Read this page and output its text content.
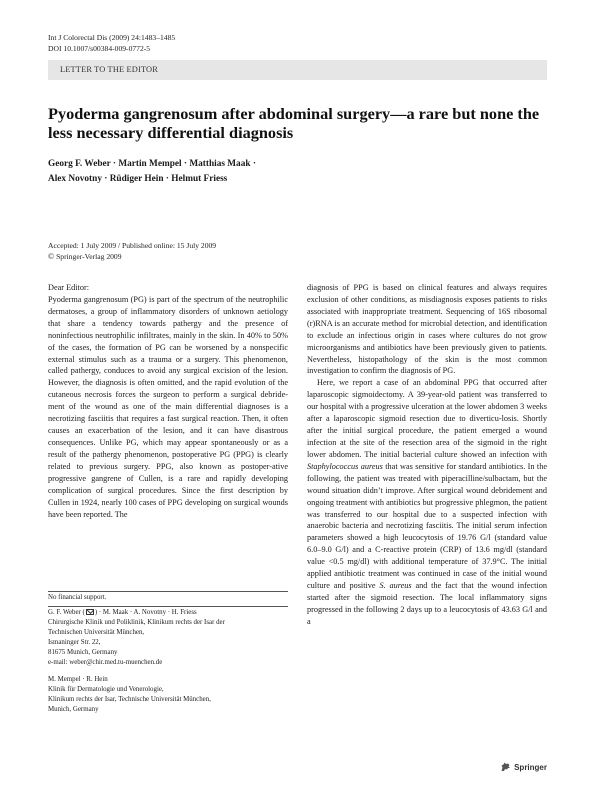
Int J Colorectal Dis (2009) 24:1483–1485
DOI 10.1007/s00384-009-0772-5
LETTER TO THE EDITOR
Pyoderma gangrenosum after abdominal surgery—a rare but none the less necessary differential diagnosis
Georg F. Weber · Martin Mempel · Matthias Maak ·
Alex Novotny · Rüdiger Hein · Helmut Friess
Accepted: 1 July 2009 / Published online: 15 July 2009
© Springer-Verlag 2009

Dear Editor:

Pyoderma gangrenosum (PG) is part of the spectrum of the neutrophilic dermatoses, a group of inflammatory disorders of unknown aetiology that share a tendency towards pathergy and the presence of noninfectious neutrophilic infiltrates, mainly in the skin. In 40% to 50% of the cases, the formation of PG can be worsened by a nonspecific external stimulus such as a trauma or a surgery. This phenomenon, called pathergy, conduces to avoid any surgical excision of the lesion. However, the diagnosis is often omitted, and the rapid evolution of the cutaneous necrosis forces the surgeon to perform a surgical debride-ment of the wound as one of the main differential diagnoses is a necrotizing fasciitis that requires a fast surgical reaction. Then, it often causes an exacerbation of the lesion, and it can have disastrous consequences. Unlike PG, which may appear spontaneously or as a result of the pathergy phenomenon, postoperative PG (PPG) is clearly related to previous surgery. PPG, also known as postoper-ative progressive gangrene of Cullen, is a rare and rapidly developing complication of surgical procedures. Since the first description by Cullen in 1924, nearly 100 cases of PPG developing on surgical wounds have been reported. The

diagnosis of PPG is based on clinical features and always requires exclusion of other conditions, as misdiagnosis exposes patients to risks associated with inappropriate treatment. Sequencing of 16S ribosomal (r)RNA is an accurate method for microbial detection, and identification to exclude an infectious origin in cases where cultures do not grow microorganisms and antibiotics have been previously given to patients. Nevertheless, histopathology of the skin is the most common investigation to confirm the diagnosis of PG.

Here, we report a case of an abdominal PPG that occurred after laparoscopic sigmoidectomy. A 39-year-old patient was transferred to our hospital with a progressive ulceration at the lower abdomen 3 weeks after a laparoscopic sigmoid resection due to diverticu-losis. Shortly after the initial surgical procedure, the patient emerged a wound infection at the site of the resection area of the sigmoid in the right lower abdomen. The initial bacterial culture showed an infection with Staphylococcus aureus that was sensitive for standard antibiotics. In the following, the patient was treated with piperacilline/sulbactam, but the wound situation didn’t improve. After surgical wound debridement and ongoing treatment with antibiotics but progressive phlegmon, the patient was transferred to our hospital due to a suspected infection with anaerobic bacteria and necrotizing fasciitis. The initial serum infection parameters showed a high leucocytosis of 19.76 G/l (standard value 6.0–9.0 G/l) and a C-reactive protein (CRP) of 13.6 mg/dl (standard value <0.5 mg/dl) with additional temperature of 37.9°C. The initial applied antibiotic treatment was continued in case of the initial wound culture and positive S. aureus and the fact that the wound infection started after the sigmoid resection. The local inflammatory signs progressed in the following 2 days up to a leucocytosis of 43.63 G/l and a

No financial support.
G. F. Weber ( ) · M. Maak · A. Novotny · H. Friess
Chirurgische Klinik und Poliklinik, Klinikum rechts der Isar der
Technischen Universität München,
Ismaninger Str. 22,
81675 Munich, Germany
e-mail: weber@chir.med.tu-muenchen.de
M. Mempel · R. Hein
Klinik für Dermatologie und Venerologie,
Klinikum rechts der Isar, Technische Universität München,
Munich, Germany
Springer
